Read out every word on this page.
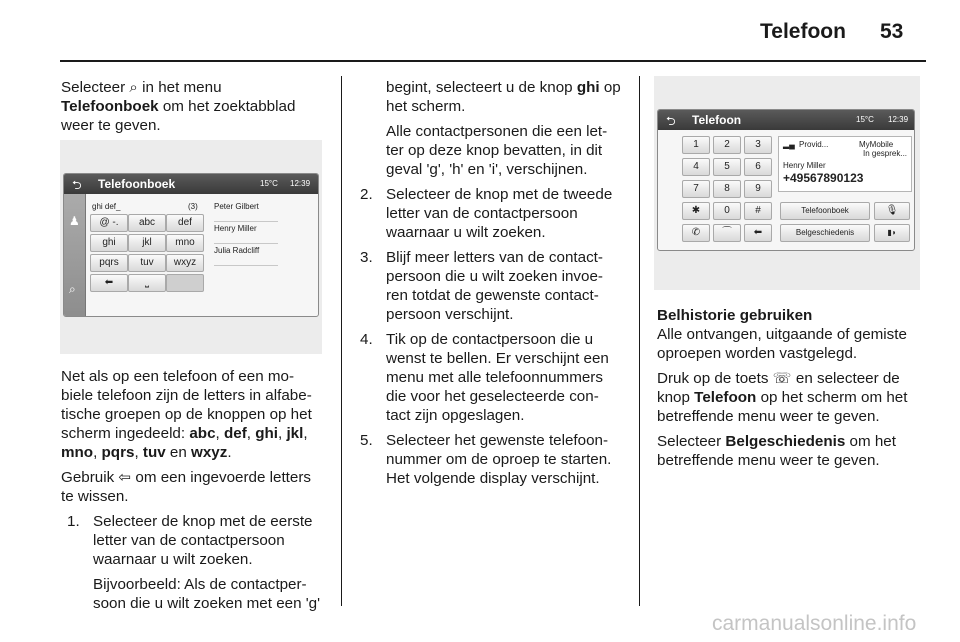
Telefoon 53

Selecteer ⌕ in het menu
Telefoonboek om het zoektabblad
weer te geven.

⮌ Telefoonboek	15°C 12:39
♟
⌕
ghi def_	(3)
@ -.	abc	def
ghi	jkl	mno
pqrs	tuv	wxyz
⬅	⎵
Peter Gilbert
Henry Miller
Julia Radcliff

Net als op een telefoon of een mo-
biele telefoon zijn de letters in alfabe-
tische groepen op de knoppen op het
scherm ingedeeld: abc, def, ghi, jkl,
mno, pqrs, tuv en wxyz.

Gebruik ⇦ om een ingevoerde letters
te wissen.

1. Selecteer de knop met de eerste
letter van de contactpersoon
waarnaar u wilt zoeken.

Bijvoorbeeld: Als de contactper-
soon die u wilt zoeken met een 'g'

begint, selecteert u de knop ghi op
het scherm.

Alle contactpersonen die een let-
ter op deze knop bevatten, in dit
geval 'g', 'h' en 'i', verschijnen.

2. Selecteer de knop met de tweede
letter van de contactpersoon
waarnaar u wilt zoeken.
3. Blijf meer letters van de contact-
persoon die u wilt zoeken invoe-
ren totdat de gewenste contact-
persoon verschijnt.
4. Tik op de contactpersoon die u
wenst te bellen. Er verschijnt een
menu met alle telefoonnummers
die voor het geselecteerde con-
tact zijn opgeslagen.
5. Selecteer het gewenste telefoon-
nummer om de oproep te starten.
Het volgende display verschijnt.
⮌ Telefoon	15°C 12:39
1	2	3
4	5	6
7	8	9
✱	0	#
✆	⌒	⬅
▂▄ Provid...	MyMobile
In gesprek...
Henry Miller
+49567890123
Telefoonboek	🎙
Belgeschiedenis	▮◗

Belhistorie gebruiken

Alle ontvangen, uitgaande of gemiste
oproepen worden vastgelegd.

Druk op de toets ☏ en selecteer de
knop Telefoon op het scherm om het
betreffende menu weer te geven.

Selecteer Belgeschiedenis om het
betreffende menu weer te geven.

carmanualsonline.info
